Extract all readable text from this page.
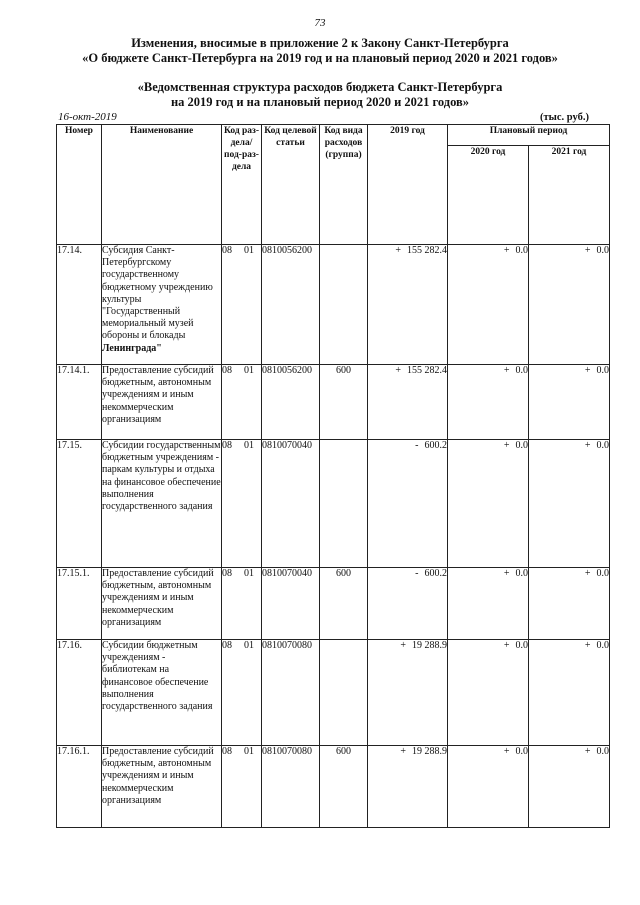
73
Изменения, вносимые в приложение 2 к Закону Санкт-Петербурга
«О бюджете Санкт-Петербурга на 2019 год и на плановый период 2020 и 2021 годов»
«Ведомственная структура расходов бюджета Санкт-Петербурга
на 2019 год и на плановый период 2020 и 2021 годов»
16-окт-2019	(тыс. руб.)
Номер	Наименование	Код раз-дела/ под-раз-дела	Код целевой статьи	Код вида расходов (группа)	2019 год	Плановый период	
						2020 год	2021 год
17.14.	Субсидия Санкт-Петербургскому государственному бюджетному учреждению культуры "Государственный мемориальный музей обороны и блокады Ленинграда"	08 01	0810056200		+ 155 282.4	+ 0.0	+ 0.0
17.14.1.	Предоставление субсидий бюджетным, автономным учреждениям и иным некоммерческим организациям	08 01	0810056200	600	+ 155 282.4	+ 0.0	+ 0.0
17.15.	Субсидии государственным бюджетным учреждениям - паркам культуры и отдыха на финансовое обеспечение выполнения государственного задания	08 01	0810070040		- 600.2	+ 0.0	+ 0.0
17.15.1.	Предоставление субсидий бюджетным, автономным учреждениям и иным некоммерческим организациям	08 01	0810070040	600	- 600.2	+ 0.0	+ 0.0
17.16.	Субсидии бюджетным учреждениям - библиотекам на финансовое обеспечение выполнения государственного задания	08 01	0810070080		+ 19 288.9	+ 0.0	+ 0.0
17.16.1.	Предоставление субсидий бюджетным, автономным учреждениям и иным некоммерческим организациям	08 01	0810070080	600	+ 19 288.9	+ 0.0	+ 0.0
